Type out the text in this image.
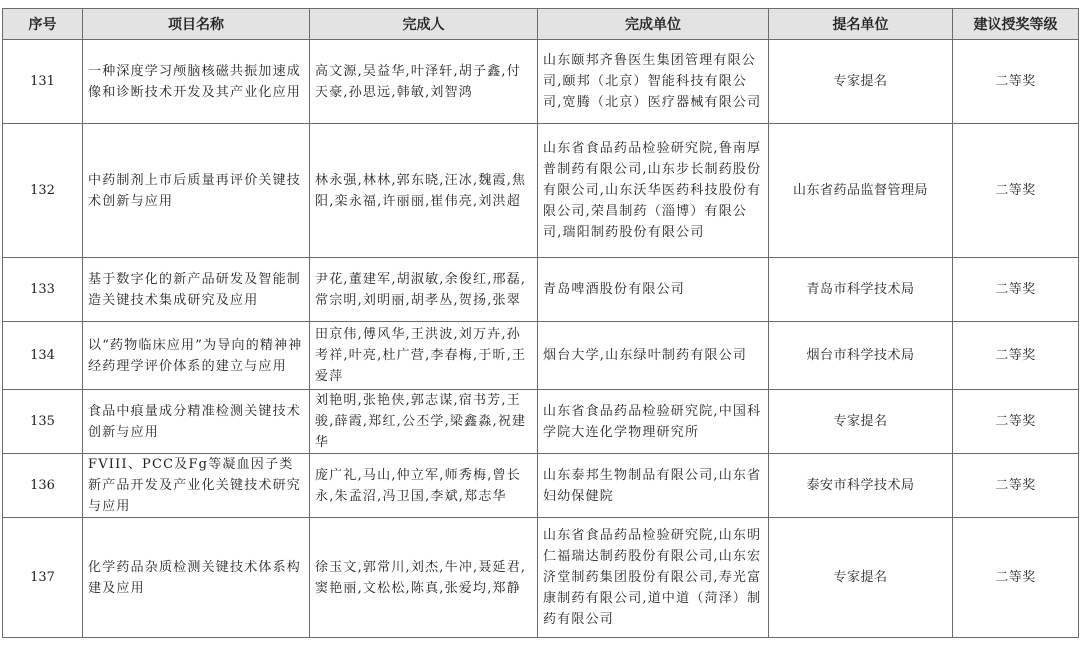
序号	项目名称	完成人	完成单位	提名单位	建议授奖等级
131	一种深度学习颅脑核磁共振加速成像和诊断技术开发及其产业化应用	高文源,吴益华,叶泽轩,胡子鑫,付天豪,孙思远,韩敏,刘智鸿	山东颐邦齐鲁医生集团管理有限公司,颐邦（北京）智能科技有限公司,宽腾（北京）医疗器械有限公司	专家提名	二等奖
132	中药制剂上市后质量再评价关键技术创新与应用	林永强,林林,郭东晓,汪冰,魏霞,焦阳,栾永福,许丽丽,崔伟亮,刘洪超	山东省食品药品检验研究院,鲁南厚普制药有限公司,山东步长制药股份有限公司,山东沃华医药科技股份有限公司,荣昌制药（淄博）有限公司,瑞阳制药股份有限公司	山东省药品监督管理局	二等奖
133	基于数字化的新产品研发及智能制造关键技术集成研究及应用	尹花,董建军,胡淑敏,余俊红,邢磊,常宗明,刘明丽,胡孝丛,贺扬,张翠	青岛啤酒股份有限公司	青岛市科学技术局	二等奖
134	以“药物临床应用”为导向的精神神经药理学评价体系的建立与应用	田京伟,傅风华,王洪波,刘万卉,孙考祥,叶亮,杜广营,李春梅,于昕,王爱萍	烟台大学,山东绿叶制药有限公司	烟台市科学技术局	二等奖
135	食品中痕量成分精准检测关键技术创新与应用	刘艳明,张艳侠,郭志谋,宿书芳,王骏,薛霞,郑红,公丕学,梁鑫淼,祝建华	山东省食品药品检验研究院,中国科学院大连化学物理研究所	专家提名	二等奖
136	FVIII、PCC及Fg等凝血因子类新产品开发及产业化关键技术研究与应用	庞广礼,马山,仲立军,师秀梅,曾长永,朱孟沼,冯卫国,李斌,郑志华	山东泰邦生物制品有限公司,山东省妇幼保健院	泰安市科学技术局	二等奖
137	化学药品杂质检测关键技术体系构建及应用	徐玉文,郭常川,刘杰,牛冲,聂延君,窦艳丽,文松松,陈真,张爱均,郑静	山东省食品药品检验研究院,山东明仁福瑞达制药股份有限公司,山东宏济堂制药集团股份有限公司,寿光富康制药有限公司,道中道（菏泽）制药有限公司	专家提名	二等奖
